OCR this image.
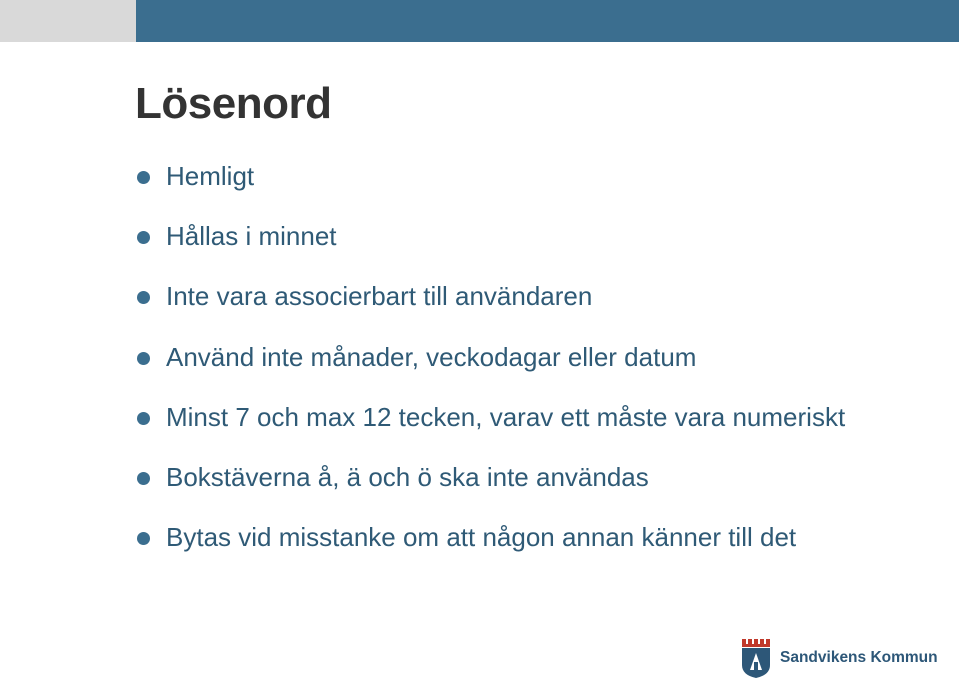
Lösenord
Hemligt
Hållas i minnet
Inte vara associerbart till användaren
Använd inte månader, veckodagar eller datum
Minst 7 och max 12 tecken, varav ett måste vara numeriskt
Bokstäverna å, ä och ö ska inte användas
Bytas vid misstanke om att någon annan känner till det
Sandvikens Kommun
